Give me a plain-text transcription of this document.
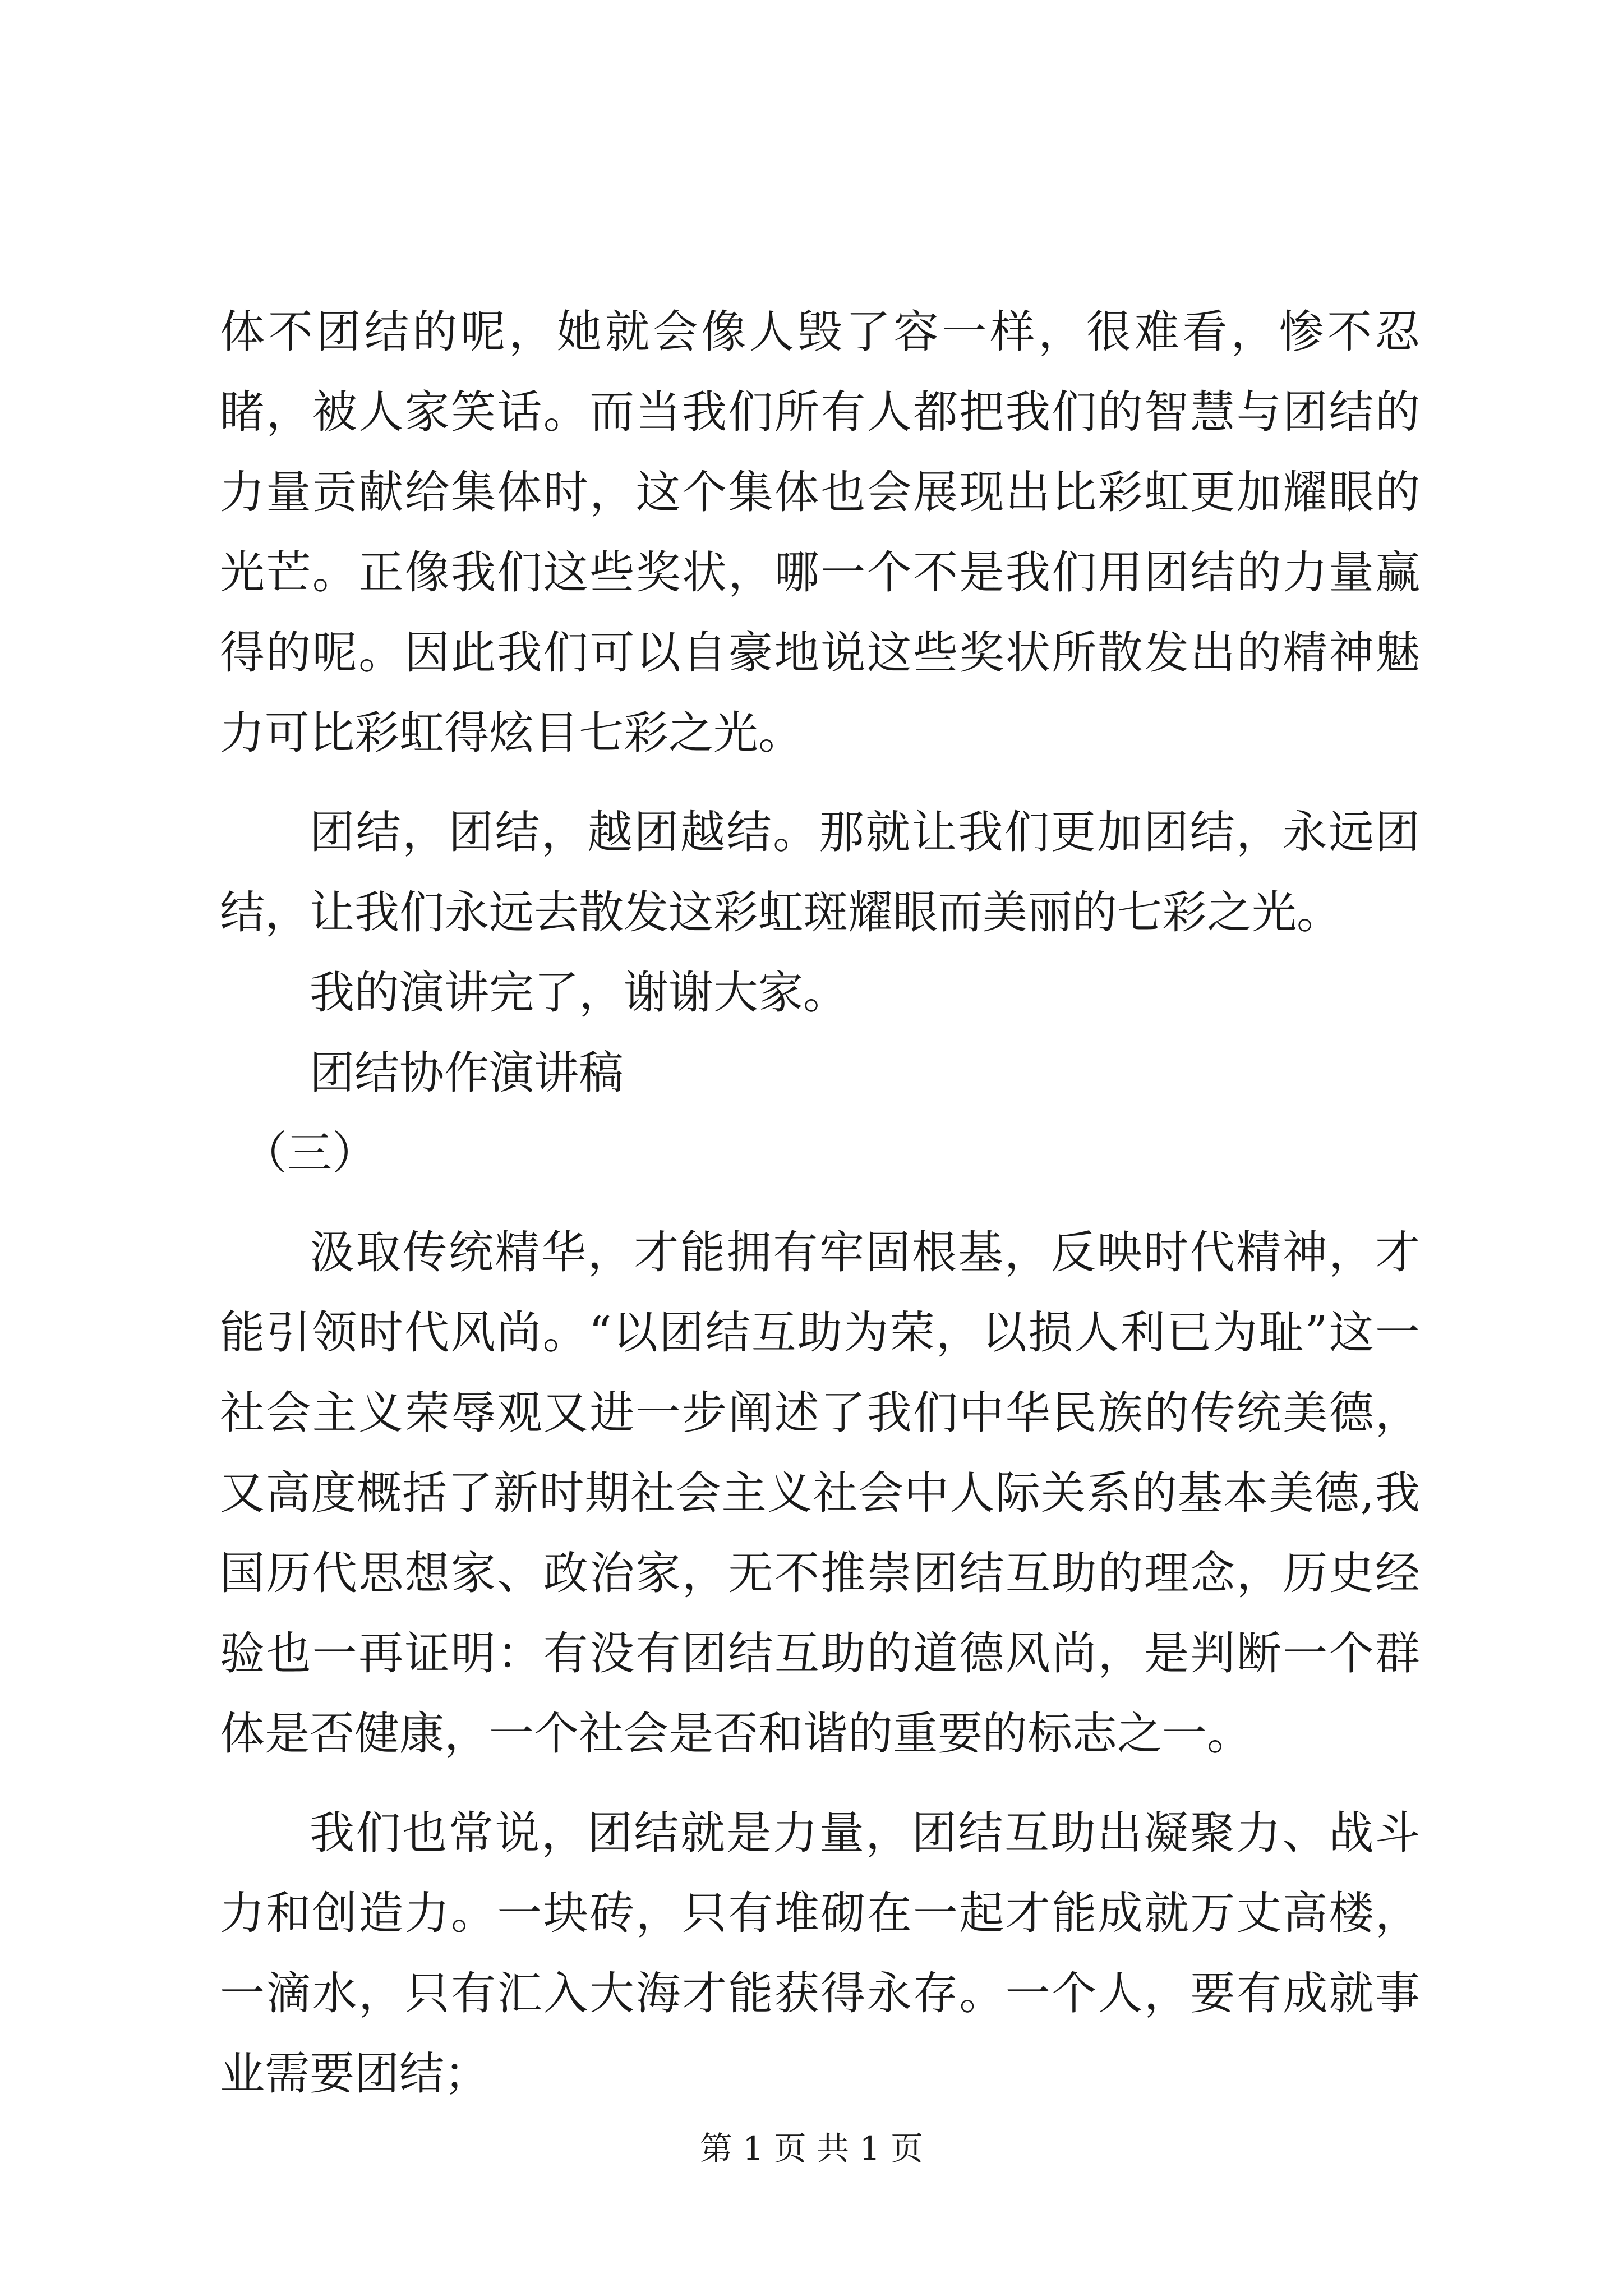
体不团结的呢，她就会像人毁了容一样，很难看，惨不忍睹，被人家笑话。而当我们所有人都把我们的智慧与团结的力量贡献给集体时，这个集体也会展现出比彩虹更加耀眼的光芒。正像我们这些奖状，哪一个不是我们用团结的力量赢得的呢。因此我们可以自豪地说这些奖状所散发出的精神魅力可比彩虹得炫目七彩之光。

团结，团结，越团越结。那就让我们更加团结，永远团结，让我们永远去散发这彩虹斑耀眼而美丽的七彩之光。

我的演讲完了，谢谢大家。

团结协作演讲稿

（三）

汲取传统精华，才能拥有牢固根基，反映时代精神，才能引领时代风尚。“以团结互助为荣，以损人利已为耻”这一社会主义荣辱观又进一步阐述了我们中华民族的传统美德，又高度概括了新时期社会主义社会中人际关系的基本美德,我国历代思想家、政治家，无不推崇团结互助的理念，历史经验也一再证明：有没有团结互助的道德风尚，是判断一个群体是否健康，一个社会是否和谐的重要的标志之一。

我们也常说，团结就是力量，团结互助出凝聚力、战斗力和创造力。一块砖，只有堆砌在一起才能成就万丈高楼，一滴水，只有汇入大海才能获得永存。一个人，要有成就事业需要团结；

第 1 页 共 1 页
